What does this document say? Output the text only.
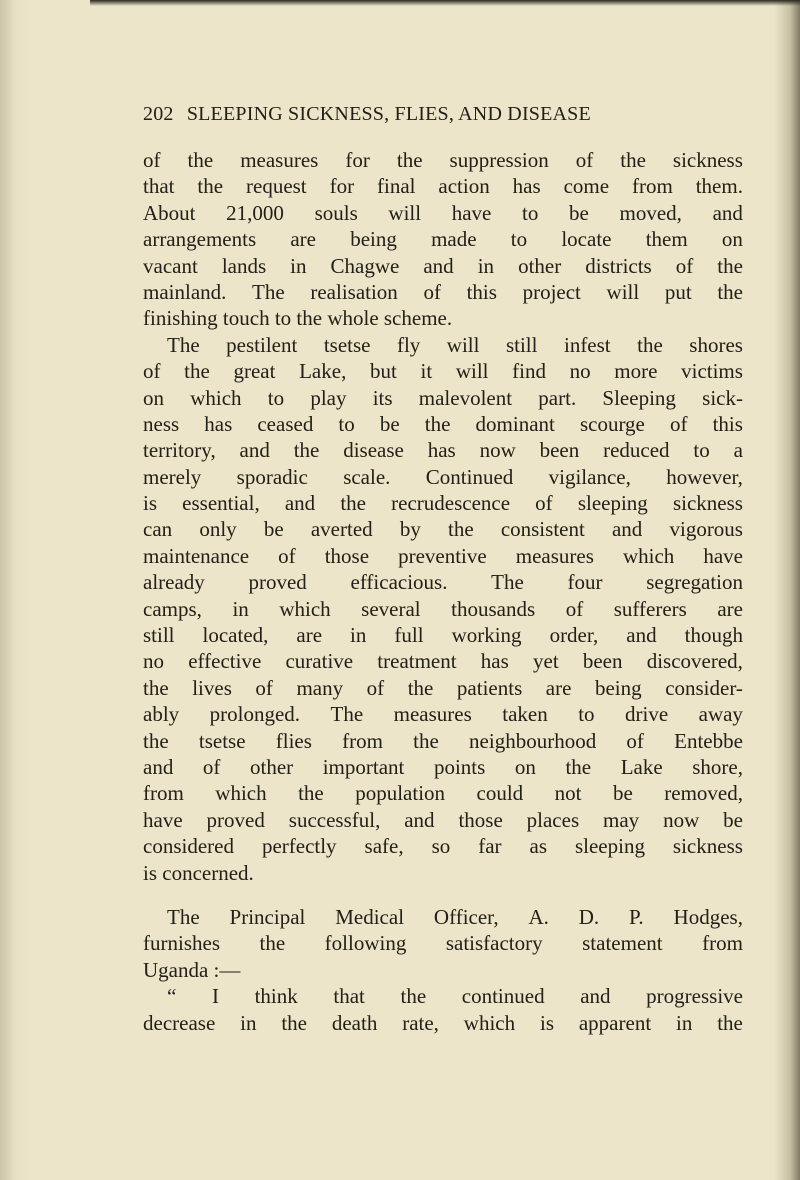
202 SLEEPING SICKNESS, FLIES, AND DISEASE
of the measures for the suppression of the sickness
that the request for final action has come from them.
About 21,000 souls will have to be moved, and
arrangements are being made to locate them on
vacant lands in Chagwe and in other districts of the
mainland. The realisation of this project will put the
finishing touch to the whole scheme.
The pestilent tsetse fly will still infest the shores
of the great Lake, but it will find no more victims
on which to play its malevolent part. Sleeping sick-
ness has ceased to be the dominant scourge of this
territory, and the disease has now been reduced to a
merely sporadic scale. Continued vigilance, however,
is essential, and the recrudescence of sleeping sickness
can only be averted by the consistent and vigorous
maintenance of those preventive measures which have
already proved efficacious. The four segregation
camps, in which several thousands of sufferers are
still located, are in full working order, and though
no effective curative treatment has yet been discovered,
the lives of many of the patients are being consider-
ably prolonged. The measures taken to drive away
the tsetse flies from the neighbourhood of Entebbe
and of other important points on the Lake shore,
from which the population could not be removed,
have proved successful, and those places may now be
considered perfectly safe, so far as sleeping sickness
is concerned.
The Principal Medical Officer, A. D. P. Hodges,
furnishes the following satisfactory statement from
Uganda :—
“ I think that the continued and progressive
decrease in the death rate, which is apparent in the
